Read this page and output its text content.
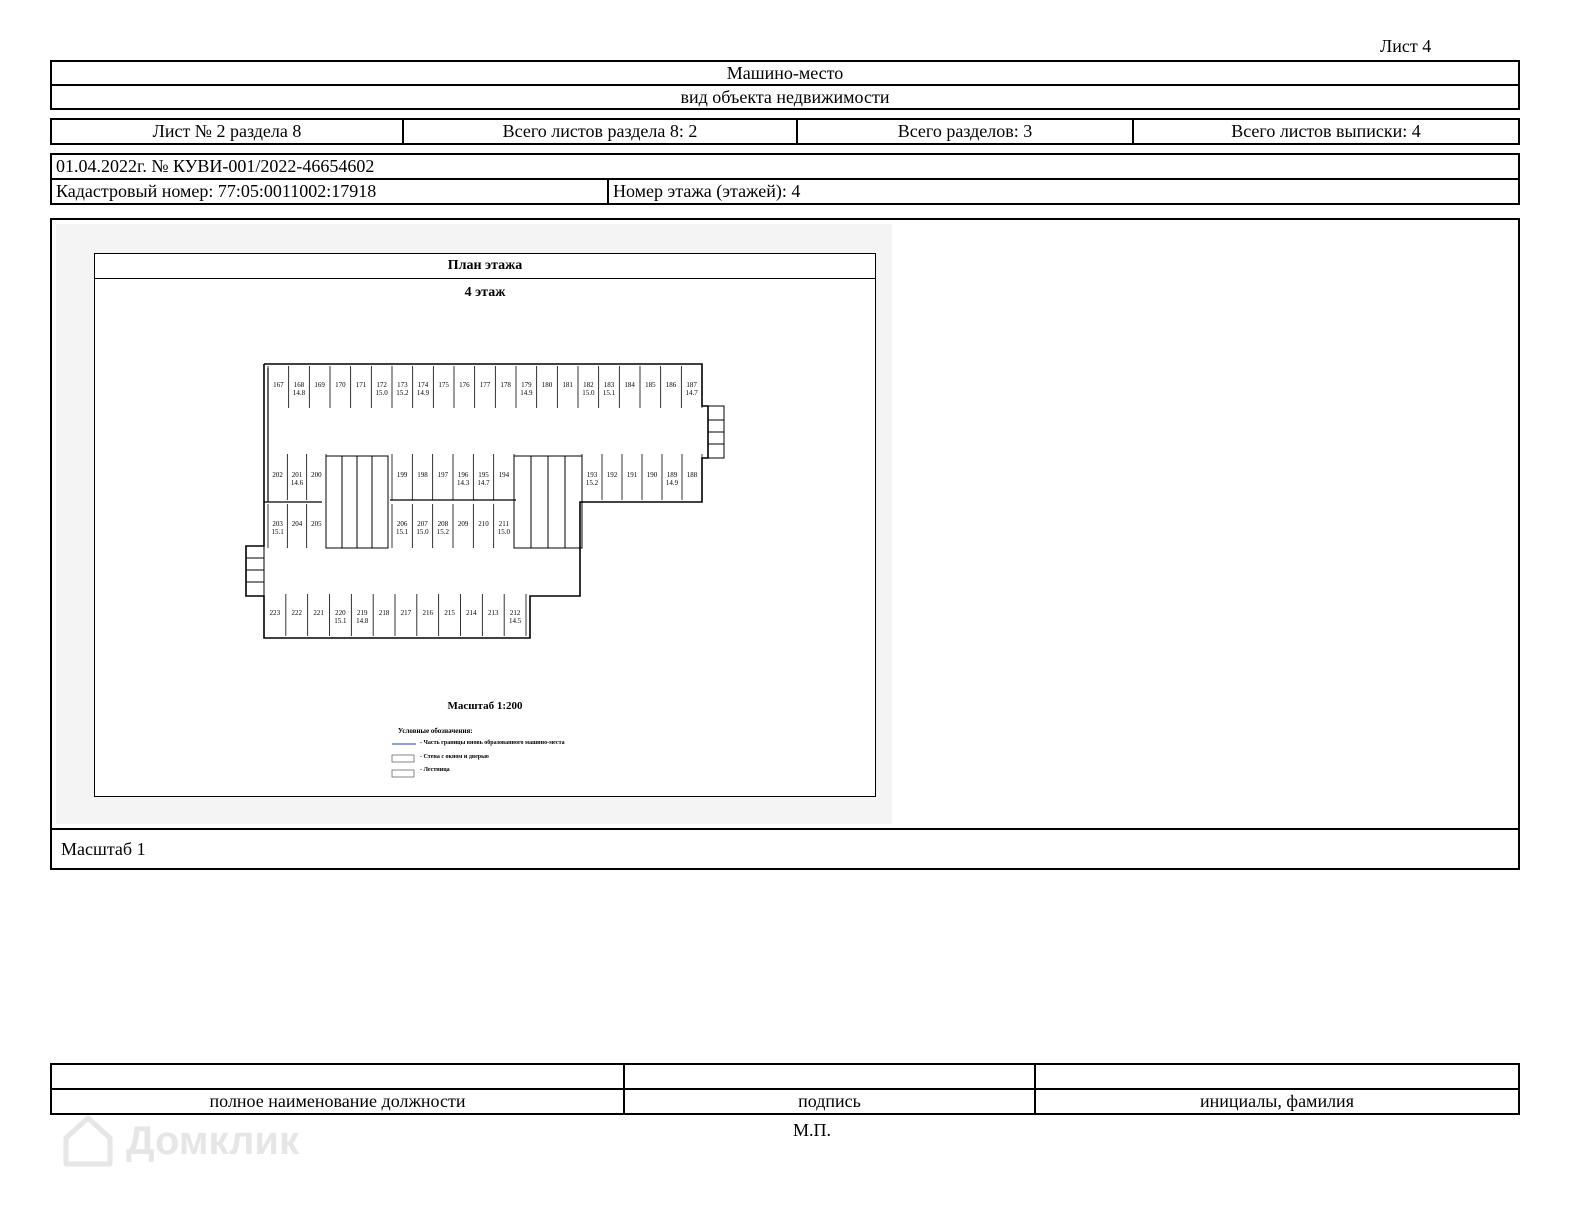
Лист 4
Машино-место
вид объекта недвижимости
Лист № 2 раздела 8	Всего листов раздела 8: 2	Всего разделов: 3	Всего листов выписки: 4
01.04.2022г. № КУВИ-001/2022-46654602
Кадастровый номер: 77:05:0011002:17918	Номер этажа (этажей): 4
План этажа
4 этаж
167 168
14.8
169 170 171 172
15.0
173
15.2
174
14.9
175 176 177 178 179
14.9
180 181 182
15.0
183
15.1
184 185 186 187
14.7
202 201
14.6
200	199 198 197 196
14.3
195
14.7
194	193
15.2
192 191 190 189
14.9
188
203
15.1
204 205	206
15.1
207
15.0
208
15.2
209 210 211
15.0
223 222 221 220
15.1
219
14.8
218 217 216 215 214 213 212
14.5
Масштаб 1:200
Условные обозначения:
- Часть границы вновь образованного машино-места
- Стена с окном и дверью
- Лестница
Масштаб 1
полное наименование должности	подпись	инициалы, фамилия
М.П.
Домклик
